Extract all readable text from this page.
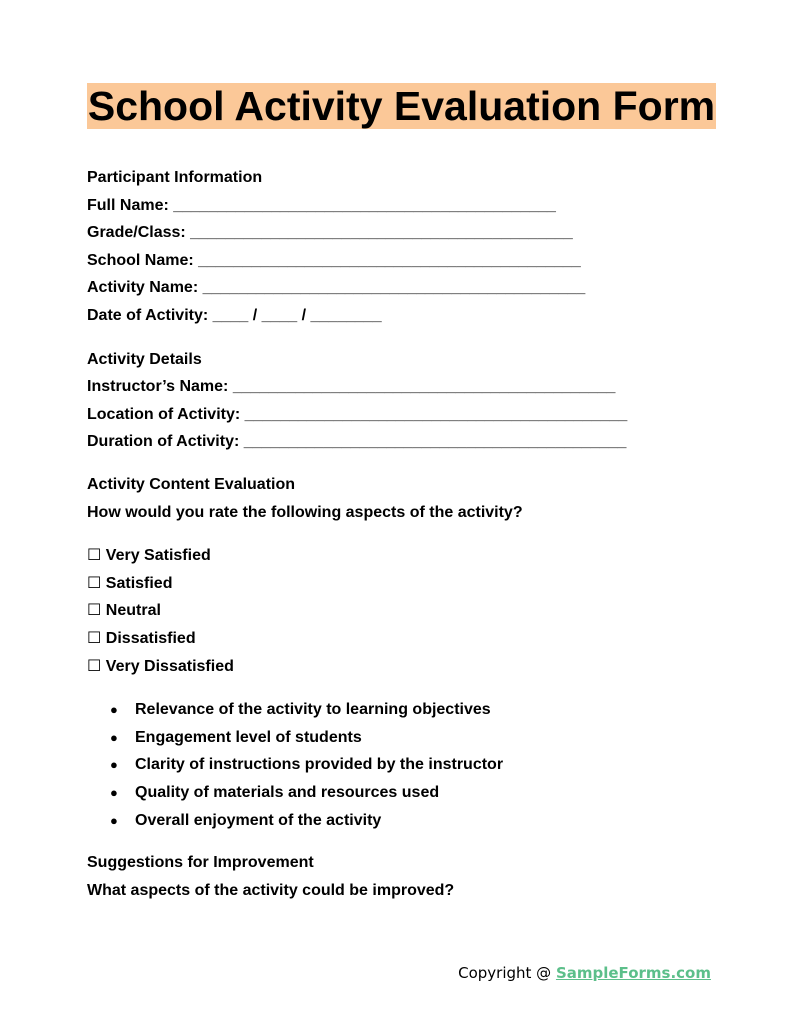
School Activity Evaluation Form
Participant Information
Full Name: ___________________________________________
Grade/Class: ___________________________________________
School Name: ___________________________________________
Activity Name: ___________________________________________
Date of Activity: ____ / ____ / ________
Activity Details
Instructor’s Name: ___________________________________________
Location of Activity: ___________________________________________
Duration of Activity: ___________________________________________
Activity Content Evaluation
How would you rate the following aspects of the activity?
☐ Very Satisfied
☐ Satisfied
☐ Neutral
☐ Dissatisfied
☐ Very Dissatisfied
● Relevance of the activity to learning objectives
● Engagement level of students
● Clarity of instructions provided by the instructor
● Quality of materials and resources used
● Overall enjoyment of the activity
Suggestions for Improvement
What aspects of the activity could be improved?
Copyright @ SampleForms.com
